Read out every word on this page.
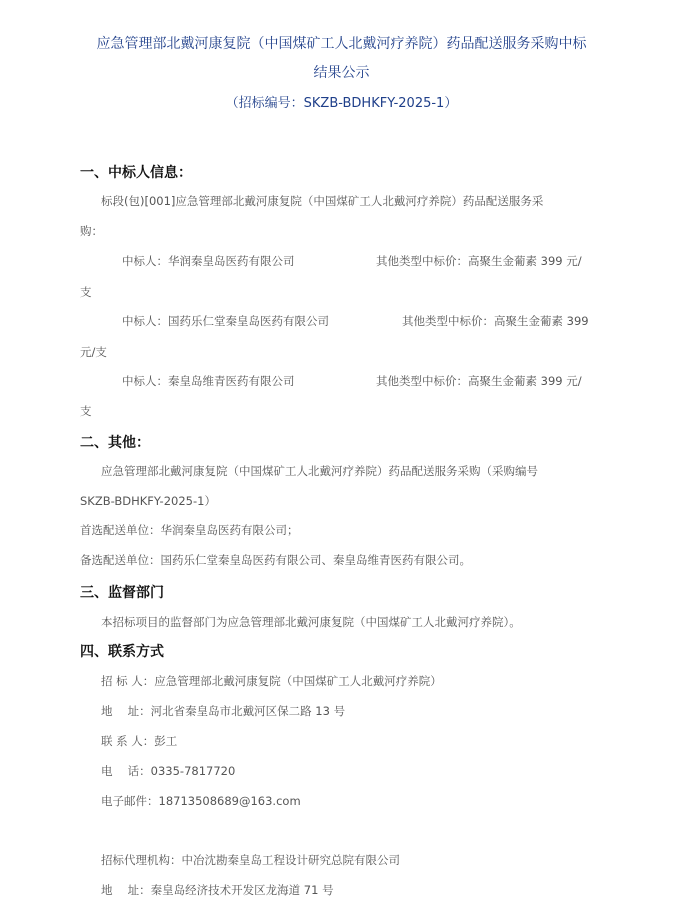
应急管理部北戴河康复院（中国煤矿工人北戴河疗养院）药品配送服务采购中标
结果公示
（招标编号：SKZB-BDHKFY-2025-1）
一、中标人信息：
标段(包)[001]应急管理部北戴河康复院（中国煤矿工人北戴河疗养院）药品配送服务采
购：
中标人：华润秦皇岛医药有限公司	其他类型中标价：高聚生金葡素 399 元/
支
中标人：国药乐仁堂秦皇岛医药有限公司	其他类型中标价：高聚生金葡素 399
元/支
中标人：秦皇岛维青医药有限公司	其他类型中标价：高聚生金葡素 399 元/
支
二、其他：
应急管理部北戴河康复院（中国煤矿工人北戴河疗养院）药品配送服务采购（采购编号
SKZB-BDHKFY-2025-1）
首选配送单位：华润秦皇岛医药有限公司；
备选配送单位：国药乐仁堂秦皇岛医药有限公司、秦皇岛维青医药有限公司。
三、监督部门
本招标项目的监督部门为应急管理部北戴河康复院（中国煤矿工人北戴河疗养院）。
四、联系方式
招 标 人：应急管理部北戴河康复院（中国煤矿工人北戴河疗养院）
地　 址：河北省秦皇岛市北戴河区保二路 13 号
联 系 人：彭工
电　 话：0335-7817720
电子邮件：18713508689@163.com
招标代理机构：中冶沈勘秦皇岛工程设计研究总院有限公司
地　 址：秦皇岛经济技术开发区龙海道 71 号
